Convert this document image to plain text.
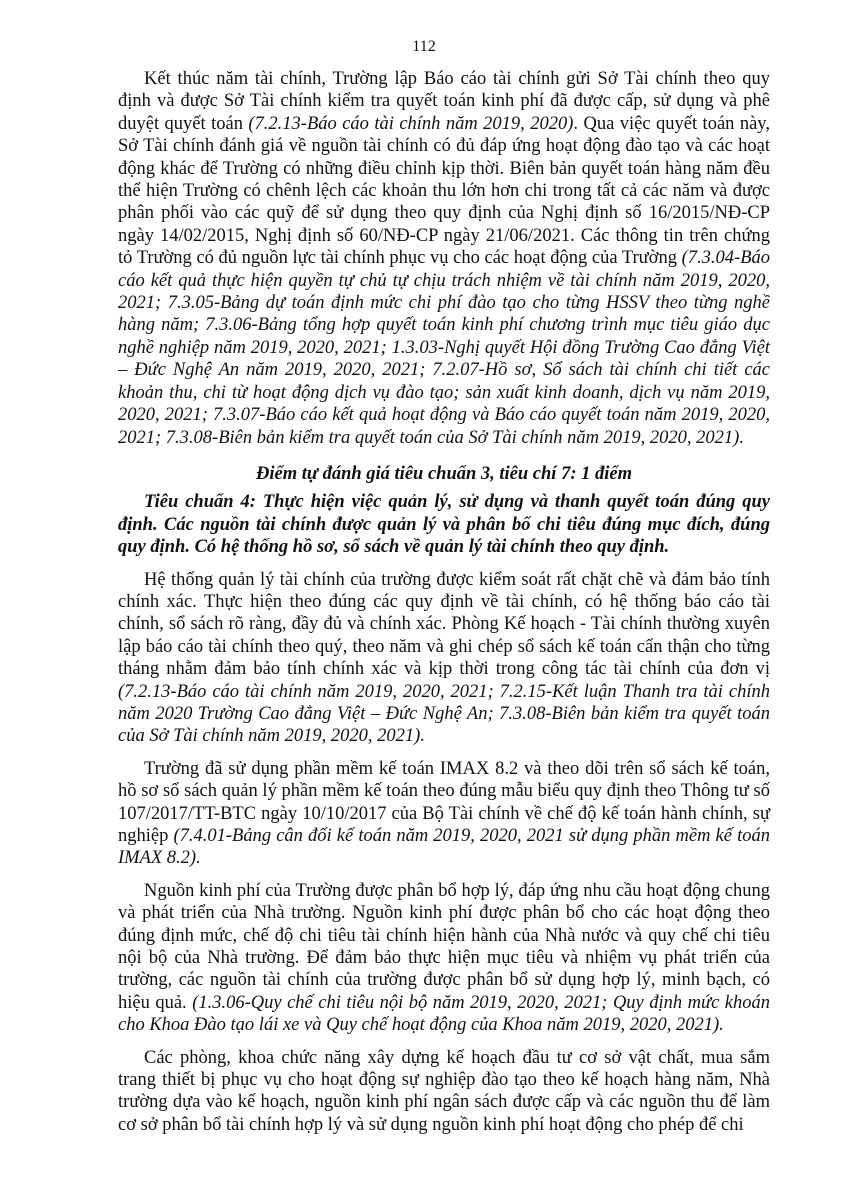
112

Kết thúc năm tài chính, Trường lập Báo cáo tài chính gửi Sở Tài chính theo quy định và được Sở Tài chính kiểm tra quyết toán kinh phí đã được cấp, sử dụng và phê duyệt quyết toán (7.2.13-Báo cáo tài chính năm 2019, 2020). Qua việc quyết toán này, Sở Tài chính đánh giá về nguồn tài chính có đủ đáp ứng hoạt động đào tạo và các hoạt động khác để Trường có những điều chỉnh kịp thời. Biên bản quyết toán hàng năm đều thể hiện Trường có chênh lệch các khoản thu lớn hơn chi trong tất cả các năm và được phân phối vào các quỹ để sử dụng theo quy định của Nghị định số 16/2015/NĐ-CP ngày 14/02/2015, Nghị định số 60/NĐ-CP ngày 21/06/2021. Các thông tin trên chứng tỏ Trường có đủ nguồn lực tài chính phục vụ cho các hoạt động của Trường (7.3.04-Báo cáo kết quả thực hiện quyền tự chủ tự chịu trách nhiệm về tài chính năm 2019, 2020, 2021; 7.3.05-Bảng dự toán định mức chi phí đào tạo cho từng HSSV theo từng nghề hàng năm; 7.3.06-Bảng tổng hợp quyết toán kinh phí chương trình mục tiêu giáo dục nghề nghiệp năm 2019, 2020, 2021; 1.3.03-Nghị quyết Hội đồng Trường Cao đẳng Việt – Đức Nghệ An năm 2019, 2020, 2021; 7.2.07-Hồ sơ, Sổ sách tài chính chi tiết các khoản thu, chi từ hoạt động dịch vụ đào tạo; sản xuất kinh doanh, dịch vụ năm 2019, 2020, 2021; 7.3.07-Báo cáo kết quả hoạt động và Báo cáo quyết toán năm 2019, 2020, 2021; 7.3.08-Biên bản kiểm tra quyết toán của Sở Tài chính năm 2019, 2020, 2021).

Điểm tự đánh giá tiêu chuẩn 3, tiêu chí 7: 1 điểm

Tiêu chuẩn 4: Thực hiện việc quản lý, sử dụng và thanh quyết toán đúng quy định. Các nguồn tài chính được quản lý và phân bổ chi tiêu đúng mục đích, đúng quy định. Có hệ thống hồ sơ, sổ sách về quản lý tài chính theo quy định.

Hệ thống quản lý tài chính của trường được kiểm soát rất chặt chẽ và đảm bảo tính chính xác. Thực hiện theo đúng các quy định về tài chính, có hệ thống báo cáo tài chính, sổ sách rõ ràng, đầy đủ và chính xác. Phòng Kế hoạch - Tài chính thường xuyên lập báo cáo tài chính theo quý, theo năm và ghi chép sổ sách kế toán cẩn thận cho từng tháng nhằm đảm bảo tính chính xác và kịp thời trong công tác tài chính của đơn vị (7.2.13-Báo cáo tài chính năm 2019, 2020, 2021; 7.2.15-Kết luận Thanh tra tài chính năm 2020 Trường Cao đẳng Việt – Đức Nghệ An; 7.3.08-Biên bản kiểm tra quyết toán của Sở Tài chính năm 2019, 2020, 2021).

Trường đã sử dụng phần mềm kế toán IMAX 8.2 và theo dõi trên sổ sách kế toán, hồ sơ sổ sách quản lý phần mềm kế toán theo đúng mẫu biểu quy định theo Thông tư số 107/2017/TT-BTC ngày 10/10/2017 của Bộ Tài chính về chế độ kế toán hành chính, sự nghiệp (7.4.01-Bảng cân đối kế toán năm 2019, 2020, 2021 sử dụng phần mềm kế toán IMAX 8.2).

Nguồn kinh phí của Trường được phân bổ hợp lý, đáp ứng nhu cầu hoạt động chung và phát triển của Nhà trường. Nguồn kinh phí được phân bổ cho các hoạt động theo đúng định mức, chế độ chi tiêu tài chính hiện hành của Nhà nước và quy chế chi tiêu nội bộ của Nhà trường. Để đảm bảo thực hiện mục tiêu và nhiệm vụ phát triển của trường, các nguồn tài chính của trường được phân bổ sử dụng hợp lý, minh bạch, có hiệu quả. (1.3.06-Quy chế chi tiêu nội bộ năm 2019, 2020, 2021; Quy định mức khoán cho Khoa Đào tạo lái xe và Quy chế hoạt động của Khoa năm 2019, 2020, 2021).

Các phòng, khoa chức năng xây dựng kế hoạch đầu tư cơ sở vật chất, mua sắm trang thiết bị phục vụ cho hoạt động sự nghiệp đào tạo theo kế hoạch hàng năm, Nhà trường dựa vào kế hoạch, nguồn kinh phí ngân sách được cấp và các nguồn thu để làm cơ sở phân bổ tài chính hợp lý và sử dụng nguồn kinh phí hoạt động cho phép để chi
